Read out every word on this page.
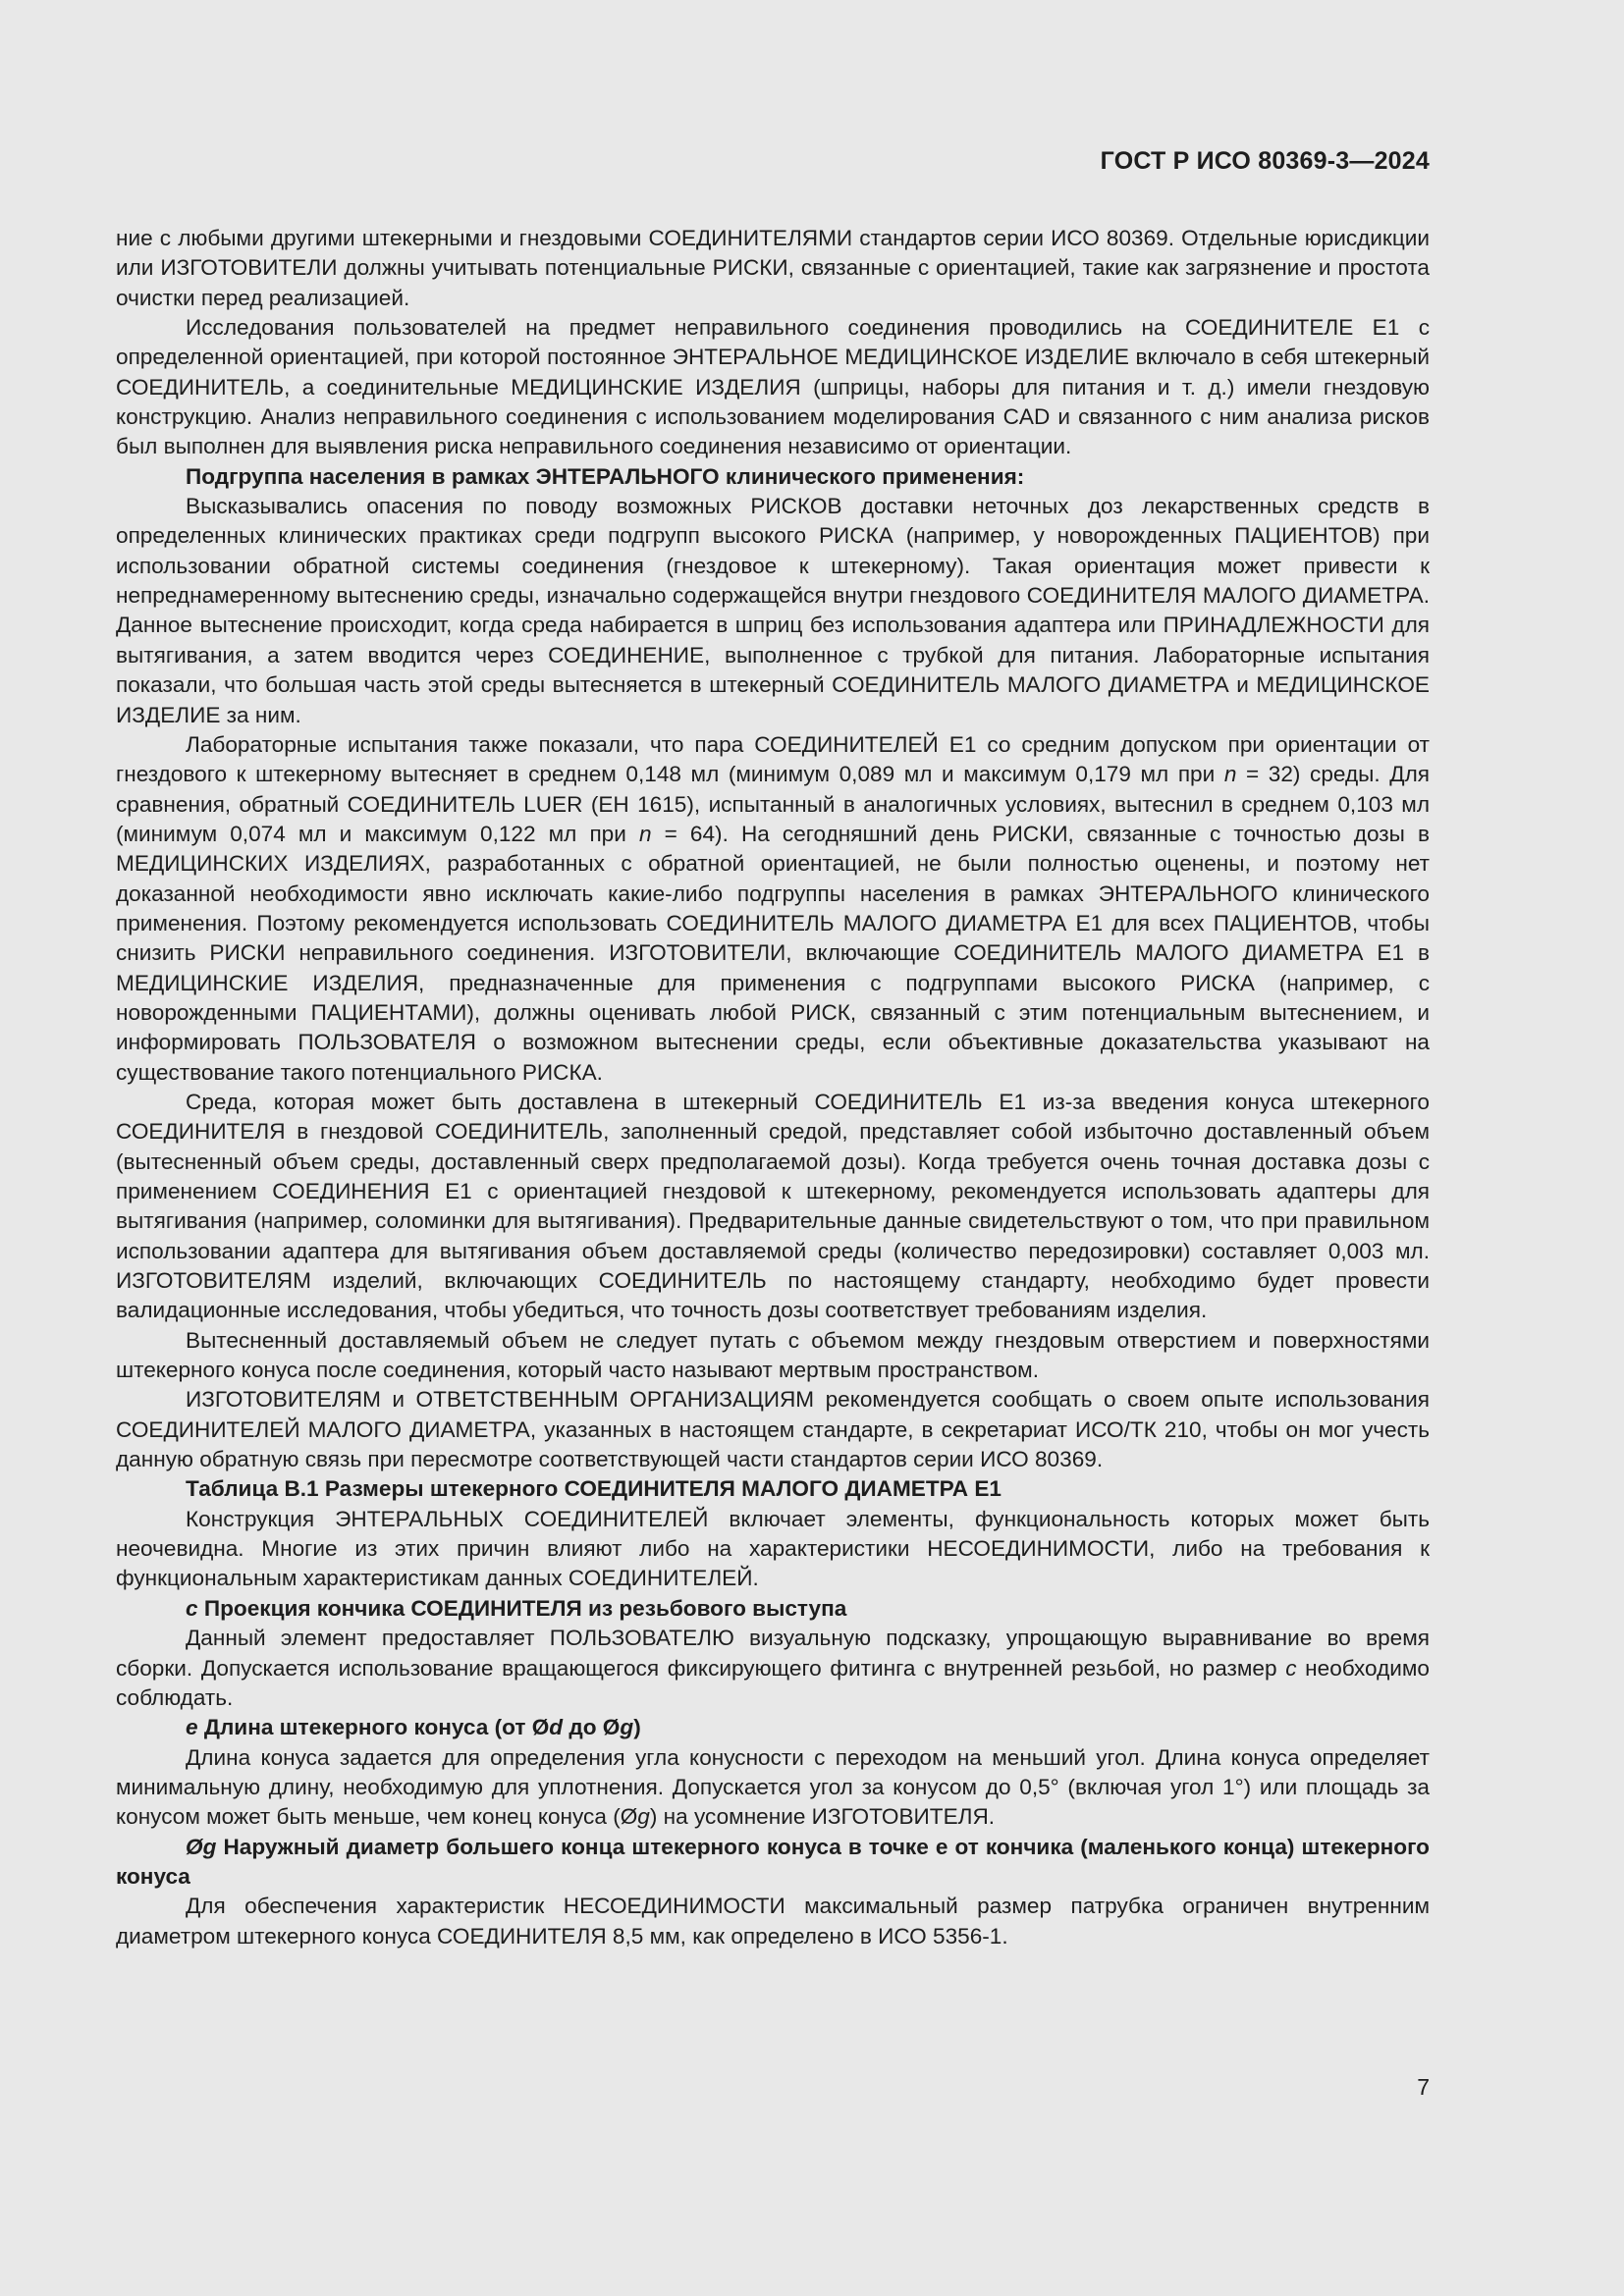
ГОСТ Р ИСО 80369-3—2024

ние с любыми другими штекерными и гнездовыми СОЕДИНИТЕЛЯМИ стандартов серии ИСО 80369. Отдельные юрисдикции или ИЗГОТОВИТЕЛИ должны учитывать потенциальные РИСКИ, связанные с ориентацией, такие как загрязнение и простота очистки перед реализацией.

Исследования пользователей на предмет неправильного соединения проводились на СОЕДИНИТЕЛЕ Е1 с определенной ориентацией, при которой постоянное ЭНТЕРАЛЬНОЕ МЕДИЦИНСКОЕ ИЗДЕЛИЕ включало в себя штекерный СОЕДИНИТЕЛЬ, а соединительные МЕДИЦИНСКИЕ ИЗДЕЛИЯ (шприцы, наборы для питания и т. д.) имели гнездовую конструкцию. Анализ неправильного соединения с использованием моделирования CAD и связанного с ним анализа рисков был выполнен для выявления риска неправильного соединения независимо от ориентации.

Подгруппа населения в рамках ЭНТЕРАЛЬНОГО клинического применения:

Высказывались опасения по поводу возможных РИСКОВ доставки неточных доз лекарственных средств в определенных клинических практиках среди подгрупп высокого РИСКА (например, у новорожденных ПАЦИЕНТОВ) при использовании обратной системы соединения (гнездовое к штекерному). Такая ориентация может привести к непреднамеренному вытеснению среды, изначально содержащейся внутри гнездового СОЕДИНИТЕЛЯ МАЛОГО ДИАМЕТРА. Данное вытеснение происходит, когда среда набирается в шприц без использования адаптера или ПРИНАДЛЕЖНОСТИ для вытягивания, а затем вводится через СОЕДИНЕНИЕ, выполненное с трубкой для питания. Лабораторные испытания показали, что большая часть этой среды вытесняется в штекерный СОЕДИНИТЕЛЬ МАЛОГО ДИАМЕТРА и МЕДИЦИНСКОЕ ИЗДЕЛИЕ за ним.

Лабораторные испытания также показали, что пара СОЕДИНИТЕЛЕЙ Е1 со средним допуском при ориентации от гнездового к штекерному вытесняет в среднем 0,148 мл (минимум 0,089 мл и максимум 0,179 мл при n = 32) среды. Для сравнения, обратный СОЕДИНИТЕЛЬ LUER (ЕН 1615), испытанный в аналогичных условиях, вытеснил в среднем 0,103 мл (минимум 0,074 мл и максимум 0,122 мл при n = 64). На сегодняшний день РИСКИ, связанные с точностью дозы в МЕДИЦИНСКИХ ИЗДЕЛИЯХ, разработанных с обратной ориентацией, не были полностью оценены, и поэтому нет доказанной необходимости явно исключать какие-либо подгруппы населения в рамках ЭНТЕРАЛЬНОГО клинического применения. Поэтому рекомендуется использовать СОЕДИНИТЕЛЬ МАЛОГО ДИАМЕТРА Е1 для всех ПАЦИЕНТОВ, чтобы снизить РИСКИ неправильного соединения. ИЗГОТОВИТЕЛИ, включающие СОЕДИНИТЕЛЬ МАЛОГО ДИАМЕТРА Е1 в МЕДИЦИНСКИЕ ИЗДЕЛИЯ, предназначенные для применения с подгруппами высокого РИСКА (например, с новорожденными ПАЦИЕНТАМИ), должны оценивать любой РИСК, связанный с этим потенциальным вытеснением, и информировать ПОЛЬЗОВАТЕЛЯ о возможном вытеснении среды, если объективные доказательства указывают на существование такого потенциального РИСКА.

Среда, которая может быть доставлена в штекерный СОЕДИНИТЕЛЬ Е1 из-за введения конуса штекерного СОЕДИНИТЕЛЯ в гнездовой СОЕДИНИТЕЛЬ, заполненный средой, представляет собой избыточно доставленный объем (вытесненный объем среды, доставленный сверх предполагаемой дозы). Когда требуется очень точная доставка дозы с применением СОЕДИНЕНИЯ Е1 с ориентацией гнездовой к штекерному, рекомендуется использовать адаптеры для вытягивания (например, соломинки для вытягивания). Предварительные данные свидетельствуют о том, что при правильном использовании адаптера для вытягивания объем доставляемой среды (количество передозировки) составляет 0,003 мл. ИЗГОТОВИТЕЛЯМ изделий, включающих СОЕДИНИТЕЛЬ по настоящему стандарту, необходимо будет провести валидационные исследования, чтобы убедиться, что точность дозы соответствует требованиям изделия.

Вытесненный доставляемый объем не следует путать с объемом между гнездовым отверстием и поверхностями штекерного конуса после соединения, который часто называют мертвым пространством.

ИЗГОТОВИТЕЛЯМ и ОТВЕТСТВЕННЫМ ОРГАНИЗАЦИЯМ рекомендуется сообщать о своем опыте использования СОЕДИНИТЕЛЕЙ МАЛОГО ДИАМЕТРА, указанных в настоящем стандарте, в секретариат ИСО/ТК 210, чтобы он мог учесть данную обратную связь при пересмотре соответствующей части стандартов серии ИСО 80369.

Таблица В.1 Размеры штекерного СОЕДИНИТЕЛЯ МАЛОГО ДИАМЕТРА Е1

Конструкция ЭНТЕРАЛЬНЫХ СОЕДИНИТЕЛЕЙ включает элементы, функциональность которых может быть неочевидна. Многие из этих причин влияют либо на характеристики НЕСОЕДИНИМОСТИ, либо на требования к функциональным характеристикам данных СОЕДИНИТЕЛЕЙ.

c Проекция кончика СОЕДИНИТЕЛЯ из резьбового выступа

Данный элемент предоставляет ПОЛЬЗОВАТЕЛЮ визуальную подсказку, упрощающую выравнивание во время сборки. Допускается использование вращающегося фиксирующего фитинга с внутренней резьбой, но размер c необходимо соблюдать.

e Длина штекерного конуса (от Ød до Øg)

Длина конуса задается для определения угла конусности с переходом на меньший угол. Длина конуса определяет минимальную длину, необходимую для уплотнения. Допускается угол за конусом до 0,5° (включая угол 1°) или площадь за конусом может быть меньше, чем конец конуса (Øg) на усомнение ИЗГОТОВИТЕЛЯ.

Øg Наружный диаметр большего конца штекерного конуса в точке е от кончика (маленького конца) штекерного конуса

Для обеспечения характеристик НЕСОЕДИНИМОСТИ максимальный размер патрубка ограничен внутренним диаметром штекерного конуса СОЕДИНИТЕЛЯ 8,5 мм, как определено в ИСО 5356-1.

7
